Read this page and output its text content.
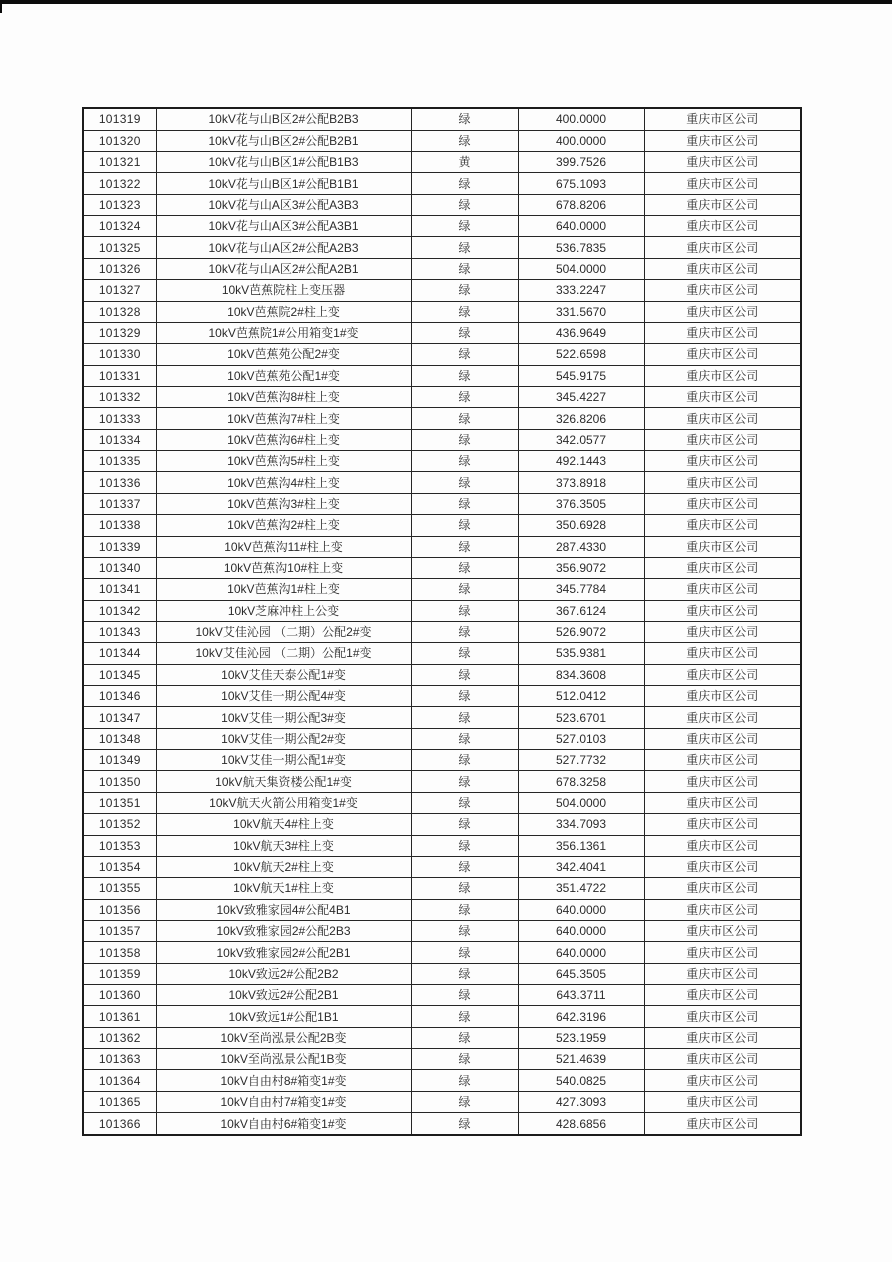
101319	10kV花与山B区2#公配B2B3	绿	400.0000	重庆市区公司
101320	10kV花与山B区2#公配B2B1	绿	400.0000	重庆市区公司
101321	10kV花与山B区1#公配B1B3	黄	399.7526	重庆市区公司
101322	10kV花与山B区1#公配B1B1	绿	675.1093	重庆市区公司
101323	10kV花与山A区3#公配A3B3	绿	678.8206	重庆市区公司
101324	10kV花与山A区3#公配A3B1	绿	640.0000	重庆市区公司
101325	10kV花与山A区2#公配A2B3	绿	536.7835	重庆市区公司
101326	10kV花与山A区2#公配A2B1	绿	504.0000	重庆市区公司
101327	10kV芭蕉院柱上变压器	绿	333.2247	重庆市区公司
101328	10kV芭蕉院2#柱上变	绿	331.5670	重庆市区公司
101329	10kV芭蕉院1#公用箱变1#变	绿	436.9649	重庆市区公司
101330	10kV芭蕉苑公配2#变	绿	522.6598	重庆市区公司
101331	10kV芭蕉苑公配1#变	绿	545.9175	重庆市区公司
101332	10kV芭蕉沟8#柱上变	绿	345.4227	重庆市区公司
101333	10kV芭蕉沟7#柱上变	绿	326.8206	重庆市区公司
101334	10kV芭蕉沟6#柱上变	绿	342.0577	重庆市区公司
101335	10kV芭蕉沟5#柱上变	绿	492.1443	重庆市区公司
101336	10kV芭蕉沟4#柱上变	绿	373.8918	重庆市区公司
101337	10kV芭蕉沟3#柱上变	绿	376.3505	重庆市区公司
101338	10kV芭蕉沟2#柱上变	绿	350.6928	重庆市区公司
101339	10kV芭蕉沟11#柱上变	绿	287.4330	重庆市区公司
101340	10kV芭蕉沟10#柱上变	绿	356.9072	重庆市区公司
101341	10kV芭蕉沟1#柱上变	绿	345.7784	重庆市区公司
101342	10kV芝麻冲柱上公变	绿	367.6124	重庆市区公司
101343	10kV艾佳沁园 （二期）公配2#变	绿	526.9072	重庆市区公司
101344	10kV艾佳沁园 （二期）公配1#变	绿	535.9381	重庆市区公司
101345	10kV艾佳天泰公配1#变	绿	834.3608	重庆市区公司
101346	10kV艾佳一期公配4#变	绿	512.0412	重庆市区公司
101347	10kV艾佳一期公配3#变	绿	523.6701	重庆市区公司
101348	10kV艾佳一期公配2#变	绿	527.0103	重庆市区公司
101349	10kV艾佳一期公配1#变	绿	527.7732	重庆市区公司
101350	10kV航天集资楼公配1#变	绿	678.3258	重庆市区公司
101351	10kV航天火箭公用箱变1#变	绿	504.0000	重庆市区公司
101352	10kV航天4#柱上变	绿	334.7093	重庆市区公司
101353	10kV航天3#柱上变	绿	356.1361	重庆市区公司
101354	10kV航天2#柱上变	绿	342.4041	重庆市区公司
101355	10kV航天1#柱上变	绿	351.4722	重庆市区公司
101356	10kV致雅家园4#公配4B1	绿	640.0000	重庆市区公司
101357	10kV致雅家园2#公配2B3	绿	640.0000	重庆市区公司
101358	10kV致雅家园2#公配2B1	绿	640.0000	重庆市区公司
101359	10kV致远2#公配2B2	绿	645.3505	重庆市区公司
101360	10kV致远2#公配2B1	绿	643.3711	重庆市区公司
101361	10kV致远1#公配1B1	绿	642.3196	重庆市区公司
101362	10kV至尚泓景公配2B变	绿	523.1959	重庆市区公司
101363	10kV至尚泓景公配1B变	绿	521.4639	重庆市区公司
101364	10kV自由村8#箱变1#变	绿	540.0825	重庆市区公司
101365	10kV自由村7#箱变1#变	绿	427.3093	重庆市区公司
101366	10kV自由村6#箱变1#变	绿	428.6856	重庆市区公司
